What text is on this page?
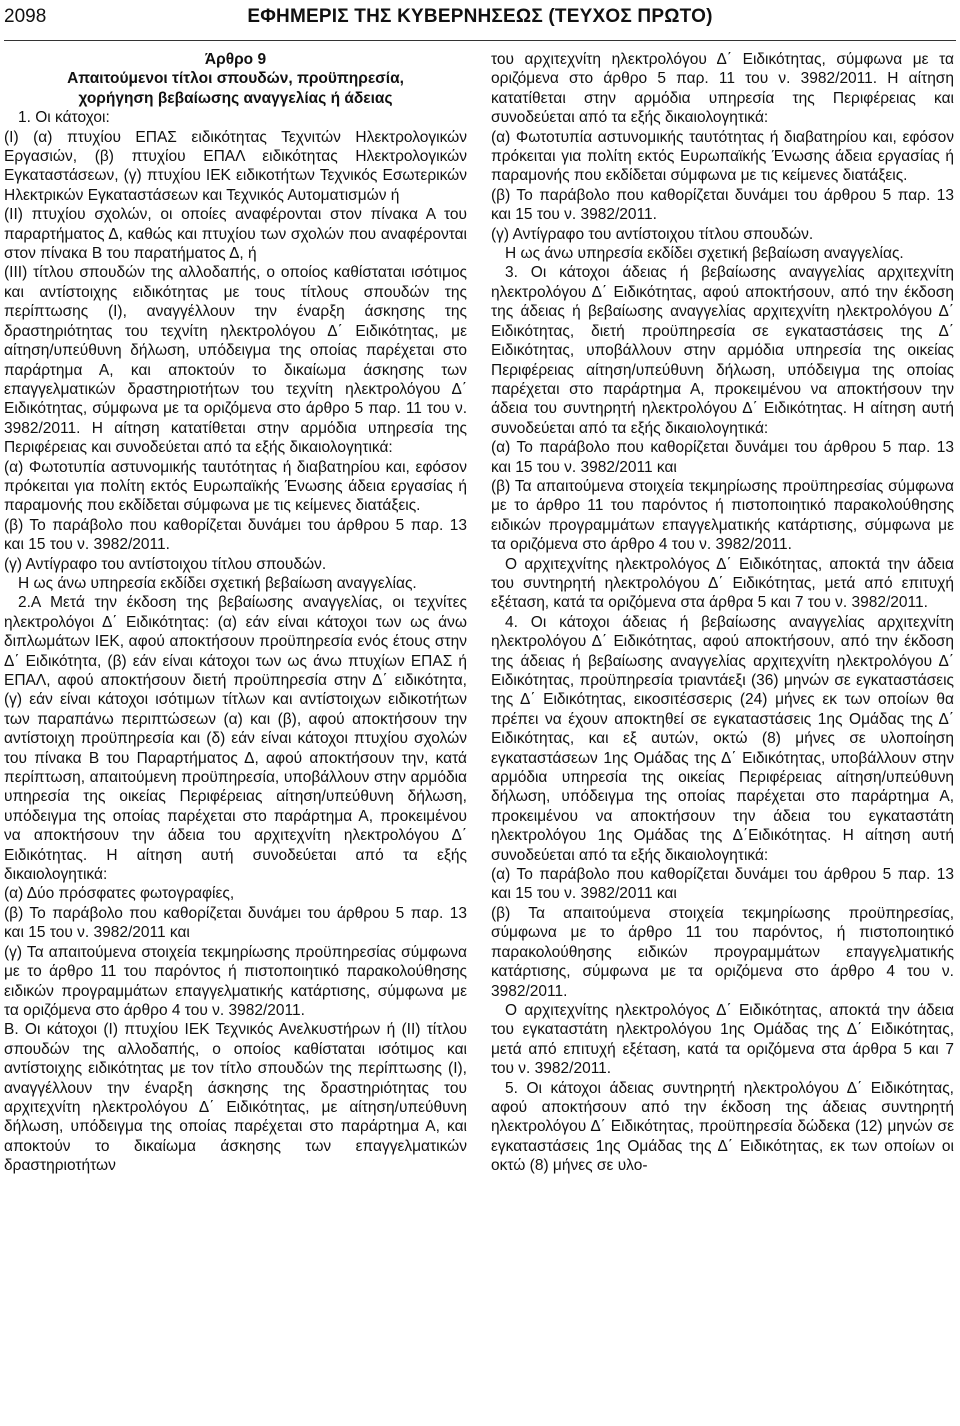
2098	ΕΦΗΜΕΡΙΣ ΤΗΣ ΚΥΒΕΡΝΗΣΕΩΣ (ΤΕΥΧΟΣ ΠΡΩΤΟ)

Άρθρο 9

Απαιτούμενοι τίτλοι σπουδών, προϋπηρεσία,

χορήγηση βεβαίωσης αναγγελίας ή άδειας

1. Οι κάτοχοι:

(Ι) (α) πτυχίου ΕΠΑΣ ειδικότητας Τεχνιτών Ηλεκτρολογικών Εργασιών, (β) πτυχίου ΕΠΑΛ ειδικότητας Ηλεκτρολογικών Εγκαταστάσεων, (γ) πτυχίου ΙΕΚ ειδικοτήτων Τεχνικός Εσωτερικών Ηλεκτρικών Εγκαταστάσεων και Τεχνικός Αυτοματισμών ή

(ΙΙ) πτυχίου σχολών, οι οποίες αναφέρονται στον πίνακα Α του παραρτήματος Δ, καθώς και πτυχίου των σχολών που αναφέρονται στον πίνακα Β του παρατήματος Δ, ή

(ΙΙΙ) τίτλου σπουδών της αλλοδαπής, ο οποίος καθίσταται ισότιμος και αντίστοιχης ειδικότητας με τους τίτλους σπουδών της περίπτωσης (Ι), αναγγέλλουν την έναρξη άσκησης της δραστηριότητας του τεχνίτη ηλεκτρολόγου Δ΄ Ειδικότητας, με αίτηση/υπεύθυνη δήλωση, υπόδειγμα της οποίας παρέχεται στο παράρτημα Α, και αποκτούν το δικαίωμα άσκησης των επαγγελματικών δραστηριοτήτων του τεχνίτη ηλεκτρολόγου Δ΄ Ειδικότητας, σύμφωνα με τα οριζόμενα στο άρθρο 5 παρ. 11 του ν. 3982/2011. Η αίτηση κατατίθεται στην αρμόδια υπηρεσία της Περιφέρειας και συνοδεύεται από τα εξής δικαιολογητικά:

(α) Φωτοτυπία αστυνομικής ταυτότητας ή διαβατηρίου και, εφόσον πρόκειται για πολίτη εκτός Ευρωπαϊκής Ένωσης άδεια εργασίας ή παραμονής που εκδίδεται σύμφωνα με τις κείμενες διατάξεις.

(β) Το παράβολο που καθορίζεται δυνάμει του άρθρου 5 παρ. 13 και 15 του ν. 3982/2011.

(γ) Αντίγραφο του αντίστοιχου τίτλου σπουδών.

Η ως άνω υπηρεσία εκδίδει σχετική βεβαίωση αναγγελίας.

2.Α Μετά την έκδοση της βεβαίωσης αναγγελίας, οι τεχνίτες ηλεκτρολόγοι Δ΄ Ειδικότητας: (α) εάν είναι κάτοχοι των ως άνω διπλωμάτων ΙΕΚ, αφού αποκτήσουν προϋπηρεσία ενός έτους στην Δ΄ Ειδικότητα, (β) εάν είναι κάτοχοι των ως άνω πτυχίων ΕΠΑΣ ή ΕΠΑΛ, αφού αποκτήσουν διετή προϋπηρεσία στην Δ΄ ειδικότητα, (γ) εάν είναι κάτοχοι ισότιμων τίτλων και αντίστοιχων ειδικοτήτων των παραπάνω περιπτώσεων (α) και (β), αφού αποκτήσουν την αντίστοιχη προϋπηρεσία και (δ) εάν είναι κάτοχοι πτυχίου σχολών του πίνακα Β του Παραρτήματος Δ, αφού αποκτήσουν την, κατά περίπτωση, απαιτούμενη προϋπηρεσία, υποβάλλουν στην αρμόδια υπηρεσία της οικείας Περιφέρειας αίτηση/υπεύθυνη δήλωση, υπόδειγμα της οποίας παρέχεται στο παράρτημα Α, προκειμένου να αποκτήσουν την άδεια του αρχιτεχνίτη ηλεκτρολόγου Δ΄ Ειδικότητας. Η αίτηση αυτή συνοδεύεται από τα εξής δικαιολογητικά:

(α) Δύο πρόσφατες φωτογραφίες,

(β) Το παράβολο που καθορίζεται δυνάμει του άρθρου 5 παρ. 13 και 15 του ν. 3982/2011 και

(γ) Τα απαιτούμενα στοιχεία τεκμηρίωσης προϋπηρεσίας σύμφωνα με το άρθρο 11 του παρόντος ή πιστοποιητικό παρακολούθησης ειδικών προγραμμάτων επαγγελματικής κατάρτισης, σύμφωνα με τα οριζόμενα στο άρθρο 4 του ν. 3982/2011.

Β. Οι κάτοχοι (Ι) πτυχίου ΙΕΚ Τεχνικός Ανελκυστήρων ή (ΙΙ) τίτλου σπουδών της αλλοδαπής, ο οποίος καθίσταται ισότιμος και αντίστοιχης ειδικότητας με τον τίτλο σπουδών της περίπτωσης (Ι), αναγγέλλουν την έναρξη άσκησης της δραστηριότητας του αρχιτεχνίτη ηλεκτρολόγου Δ΄ Ειδικότητας, με αίτηση/υπεύθυνη δήλωση, υπόδειγμα της οποίας παρέχεται στο παράρτημα Α, και αποκτούν το δικαίωμα άσκησης των επαγγελματικών δραστηριοτήτων

του αρχιτεχνίτη ηλεκτρολόγου Δ΄ Ειδικότητας, σύμφωνα με τα οριζόμενα στο άρθρο 5 παρ. 11 του ν. 3982/2011. Η αίτηση κατατίθεται στην αρμόδια υπηρεσία της Περιφέρειας και συνοδεύεται από τα εξής δικαιολογητικά:

(α) Φωτοτυπία αστυνομικής ταυτότητας ή διαβατηρίου και, εφόσον πρόκειται για πολίτη εκτός Ευρωπαϊκής Ένωσης άδεια εργασίας ή παραμονής που εκδίδεται σύμφωνα με τις κείμενες διατάξεις.

(β) Το παράβολο που καθορίζεται δυνάμει του άρθρου 5 παρ. 13 και 15 του ν. 3982/2011.

(γ) Αντίγραφο του αντίστοιχου τίτλου σπουδών.

Η ως άνω υπηρεσία εκδίδει σχετική βεβαίωση αναγγελίας.

3. Οι κάτοχοι άδειας ή βεβαίωσης αναγγελίας αρχιτεχνίτη ηλεκτρολόγου Δ΄ Ειδικότητας, αφού αποκτήσουν, από την έκδοση της άδειας ή βεβαίωσης αναγγελίας αρχιτεχνίτη ηλεκτρολόγου Δ΄ Ειδικότητας, διετή προϋπηρεσία σε εγκαταστάσεις της Δ΄ Ειδικότητας, υποβάλλουν στην αρμόδια υπηρεσία της οικείας Περιφέρειας αίτηση/υπεύθυνη δήλωση, υπόδειγμα της οποίας παρέχεται στο παράρτημα Α, προκειμένου να αποκτήσουν την άδεια του συντηρητή ηλεκτρολόγου Δ΄ Ειδικότητας. Η αίτηση αυτή συνοδεύεται από τα εξής δικαιολογητικά:

(α) Το παράβολο που καθορίζεται δυνάμει του άρθρου 5 παρ. 13 και 15 του ν. 3982/2011 και

(β) Τα απαιτούμενα στοιχεία τεκμηρίωσης προϋπηρεσίας σύμφωνα με το άρθρο 11 του παρόντος ή πιστοποιητικό παρακολούθησης ειδικών προγραμμάτων επαγγελματικής κατάρτισης, σύμφωνα με τα οριζόμενα στο άρθρο 4 του ν. 3982/2011.

Ο αρχιτεχνίτης ηλεκτρολόγος Δ΄ Ειδικότητας, αποκτά την άδεια του συντηρητή ηλεκτρολόγου Δ΄ Ειδικότητας, μετά από επιτυχή εξέταση, κατά τα οριζόμενα στα άρθρα 5 και 7 του ν. 3982/2011.

4. Οι κάτοχοι άδειας ή βεβαίωσης αναγγελίας αρχιτεχνίτη ηλεκτρολόγου Δ΄ Ειδικότητας, αφού αποκτήσουν, από την έκδοση της άδειας ή βεβαίωσης αναγγελίας αρχιτεχνίτη ηλεκτρολόγου Δ΄ Ειδικότητας, προϋπηρεσία τριαντάεξι (36) μηνών σε εγκαταστάσεις της Δ΄ Ειδικότητας, εικοσιτέσσερις (24) μήνες εκ των οποίων θα πρέπει να έχουν αποκτηθεί σε εγκαταστάσεις 1ης Ομάδας της Δ΄ Ειδικότητας, και εξ αυτών, οκτώ (8) μήνες σε υλοποίηση εγκαταστάσεων 1ης Ομάδας της Δ΄ Ειδικότητας, υποβάλλουν στην αρμόδια υπηρεσία της οικείας Περιφέρειας αίτηση/υπεύθυνη δήλωση, υπόδειγμα της οποίας παρέχεται στο παράρτημα Α, προκειμένου να αποκτήσουν την άδεια του εγκαταστάτη ηλεκτρολόγου 1ης Ομάδας της Δ΄Ειδικότητας. Η αίτηση αυτή συνοδεύεται από τα εξής δικαιολογητικά:

(α) Το παράβολο που καθορίζεται δυνάμει του άρθρου 5 παρ. 13 και 15 του ν. 3982/2011 και

(β) Τα απαιτούμενα στοιχεία τεκμηρίωσης προϋπηρεσίας, σύμφωνα με το άρθρο 11 του παρόντος, ή πιστοποιητικό παρακολούθησης ειδικών προγραμμάτων επαγγελματικής κατάρτισης, σύμφωνα με τα οριζόμενα στο άρθρο 4 του ν. 3982/2011.

Ο αρχιτεχνίτης ηλεκτρολόγος Δ΄ Ειδικότητας, αποκτά την άδεια του εγκαταστάτη ηλεκτρολόγου 1ης Ομάδας της Δ΄ Ειδικότητας, μετά από επιτυχή εξέταση, κατά τα οριζόμενα στα άρθρα 5 και 7 του ν. 3982/2011.

5. Οι κάτοχοι άδειας συντηρητή ηλεκτρολόγου Δ΄ Ειδικότητας, αφού αποκτήσουν από την έκδοση της άδειας συντηρητή ηλεκτρολόγου Δ΄ Ειδικότητας, προϋπηρεσία δώδεκα (12) μηνών σε εγκαταστάσεις 1ης Ομάδας της Δ΄ Ειδικότητας, εκ των οποίων οι οκτώ (8) μήνες σε υλο-
